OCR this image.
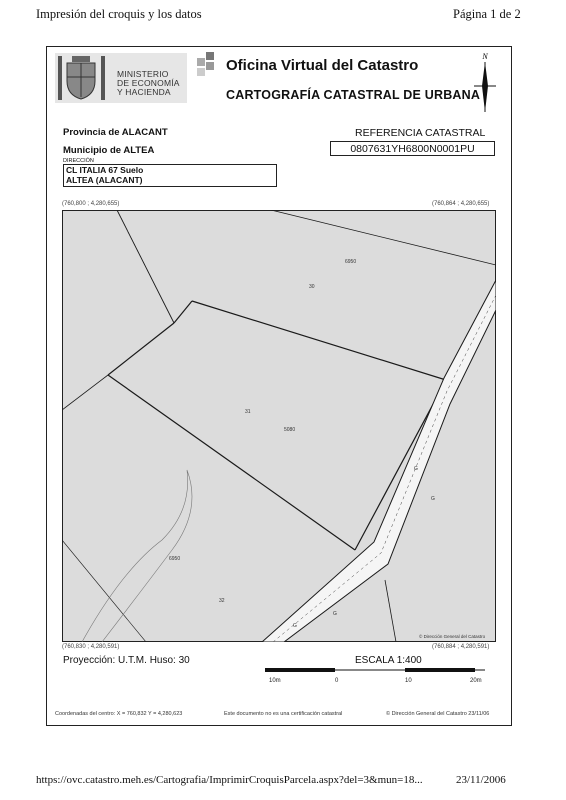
Impresión del croquis y los datos	Página 1 de 2
MINISTERIO
DE ECONOMÍA
Y HACIENDA
Oficina Virtual del Catastro
CARTOGRAFÍA CATASTRAL DE URBANA
N
Provincia de ALACANT
Municipio de ALTEA
REFERENCIA CATASTRAL
0807631YH6800N0001PU
DIRECCIÓN
CL ITALIA 67 Suelo
ALTEA (ALACANT)
(760,800 ; 4,280,655)	(760,864 ; 4,280,655)
30
31
32
6950
6950
5080
G
G
G
G
© Dirección General del Catastro
(760,830 ; 4,280,591)	(760,884 ; 4,280,591)
Proyección: U.T.M. Huso: 30	ESCALA 1:400
10m	0	10	20m
Coordenadas del centro: X = 760,832 Y = 4,280,623	Este documento no es una certificación catastral	© Dirección General del Catastro 23/11/06
https://ovc.catastro.meh.es/Cartografia/ImprimirCroquisParcela.aspx?del=3&mun=18...	23/11/2006
